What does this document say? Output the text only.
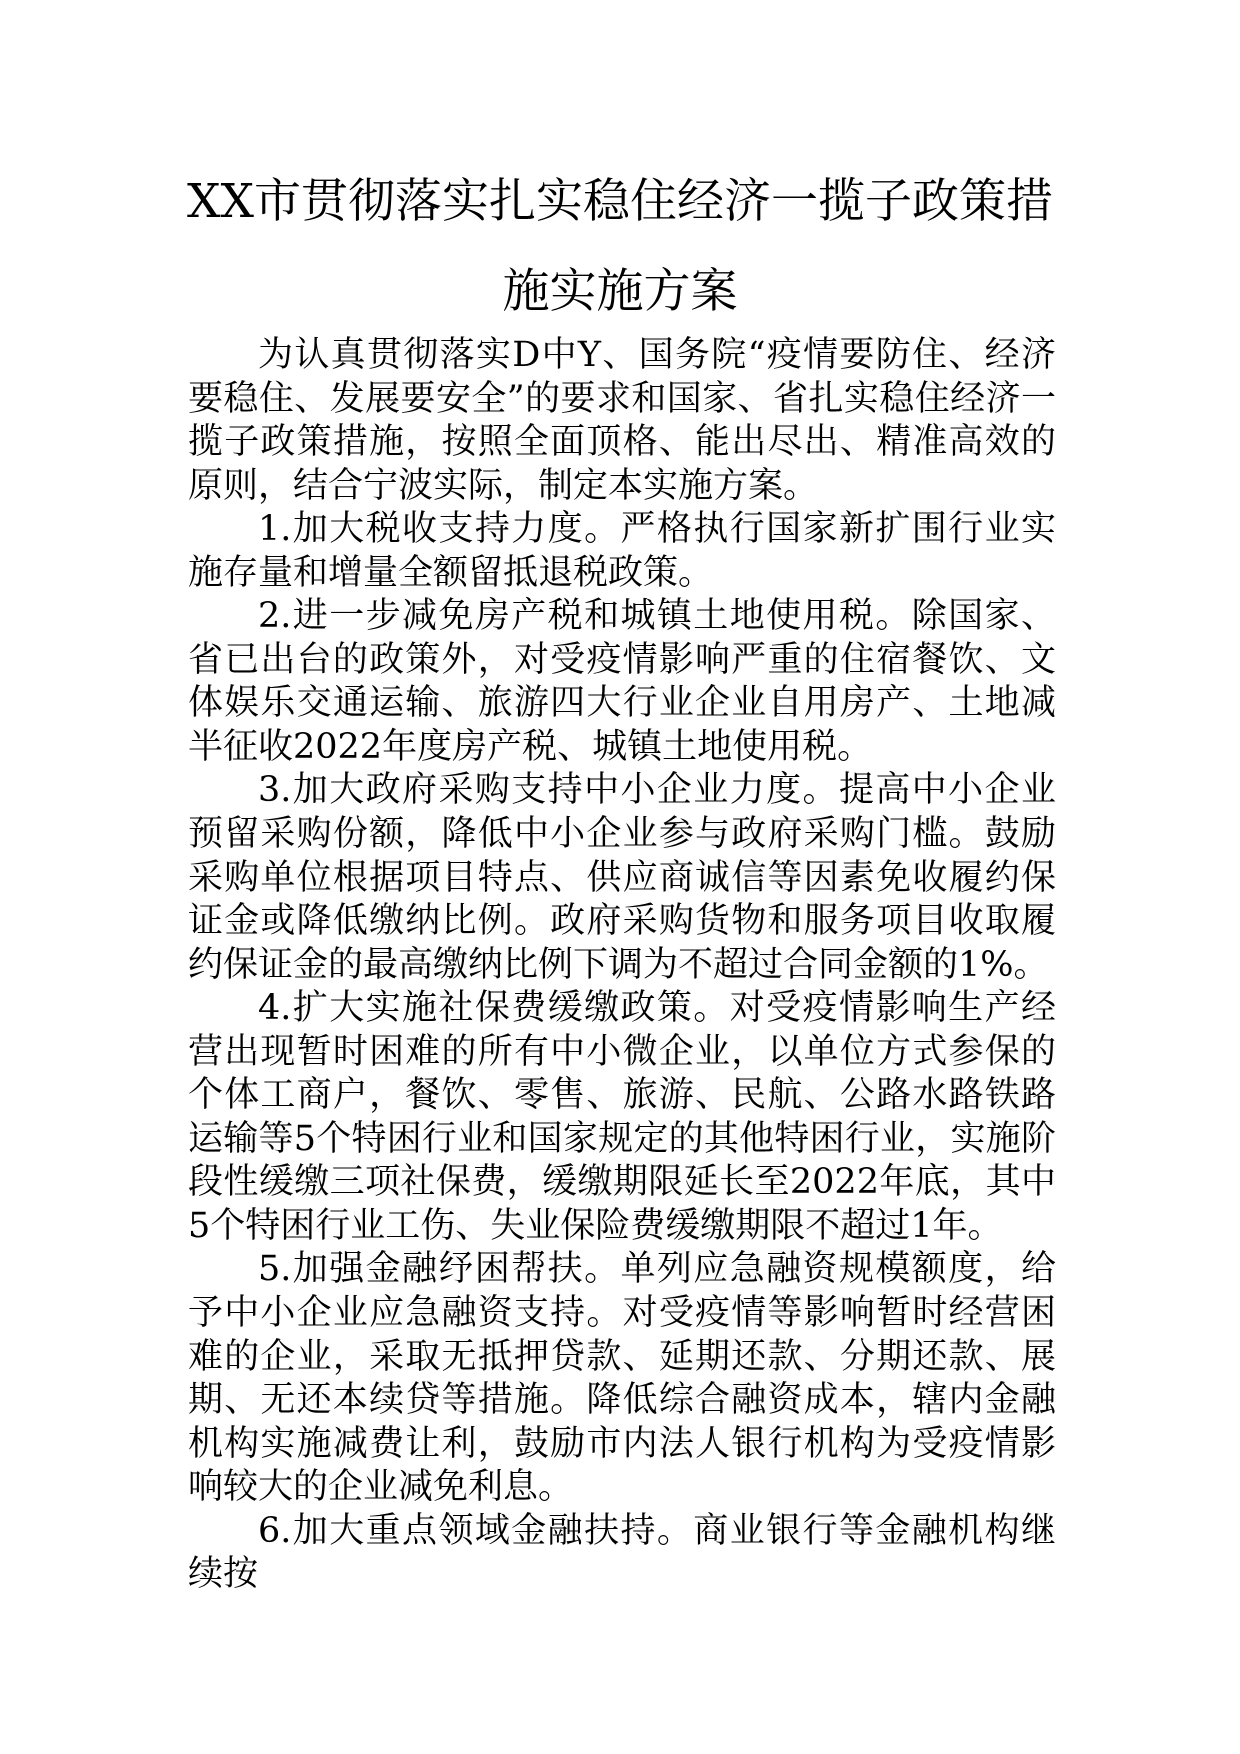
XX市贯彻落实扎实稳住经济一揽子政策措
施实施方案

为认真贯彻落实D中Y、国务院“疫情要防住、经济要稳住、发展要安全”的要求和国家、省扎实稳住经济一揽子政策措施，按照全面顶格、能出尽出、精准高效的原则，结合宁波实际，制定本实施方案。

1.加大税收支持力度。严格执行国家新扩围行业实施存量和增量全额留抵退税政策。

2.进一步减免房产税和城镇土地使用税。除国家、省已出台的政策外，对受疫情影响严重的住宿餐饮、文体娱乐交通运输、旅游四大行业企业自用房产、土地减半征收2022年度房产税、城镇土地使用税。

3.加大政府采购支持中小企业力度。提高中小企业预留采购份额，降低中小企业参与政府采购门槛。鼓励采购单位根据项目特点、供应商诚信等因素免收履约保证金或降低缴纳比例。政府采购货物和服务项目收取履约保证金的最高缴纳比例下调为不超过合同金额的1%。

4.扩大实施社保费缓缴政策。对受疫情影响生产经营出现暂时困难的所有中小微企业，以单位方式参保的个体工商户，餐饮、零售、旅游、民航、公路水路铁路运输等5个特困行业和国家规定的其他特困行业，实施阶段性缓缴三项社保费，缓缴期限延长至2022年底，其中5个特困行业工伤、失业保险费缓缴期限不超过1年。

5.加强金融纾困帮扶。单列应急融资规模额度，给予中小企业应急融资支持。对受疫情等影响暂时经营困难的企业，采取无抵押贷款、延期还款、分期还款、展期、无还本续贷等措施。降低综合融资成本，辖内金融机构实施减费让利，鼓励市内法人银行机构为受疫情影响较大的企业减免利息。

6.加大重点领域金融扶持。商业银行等金融机构继续按
